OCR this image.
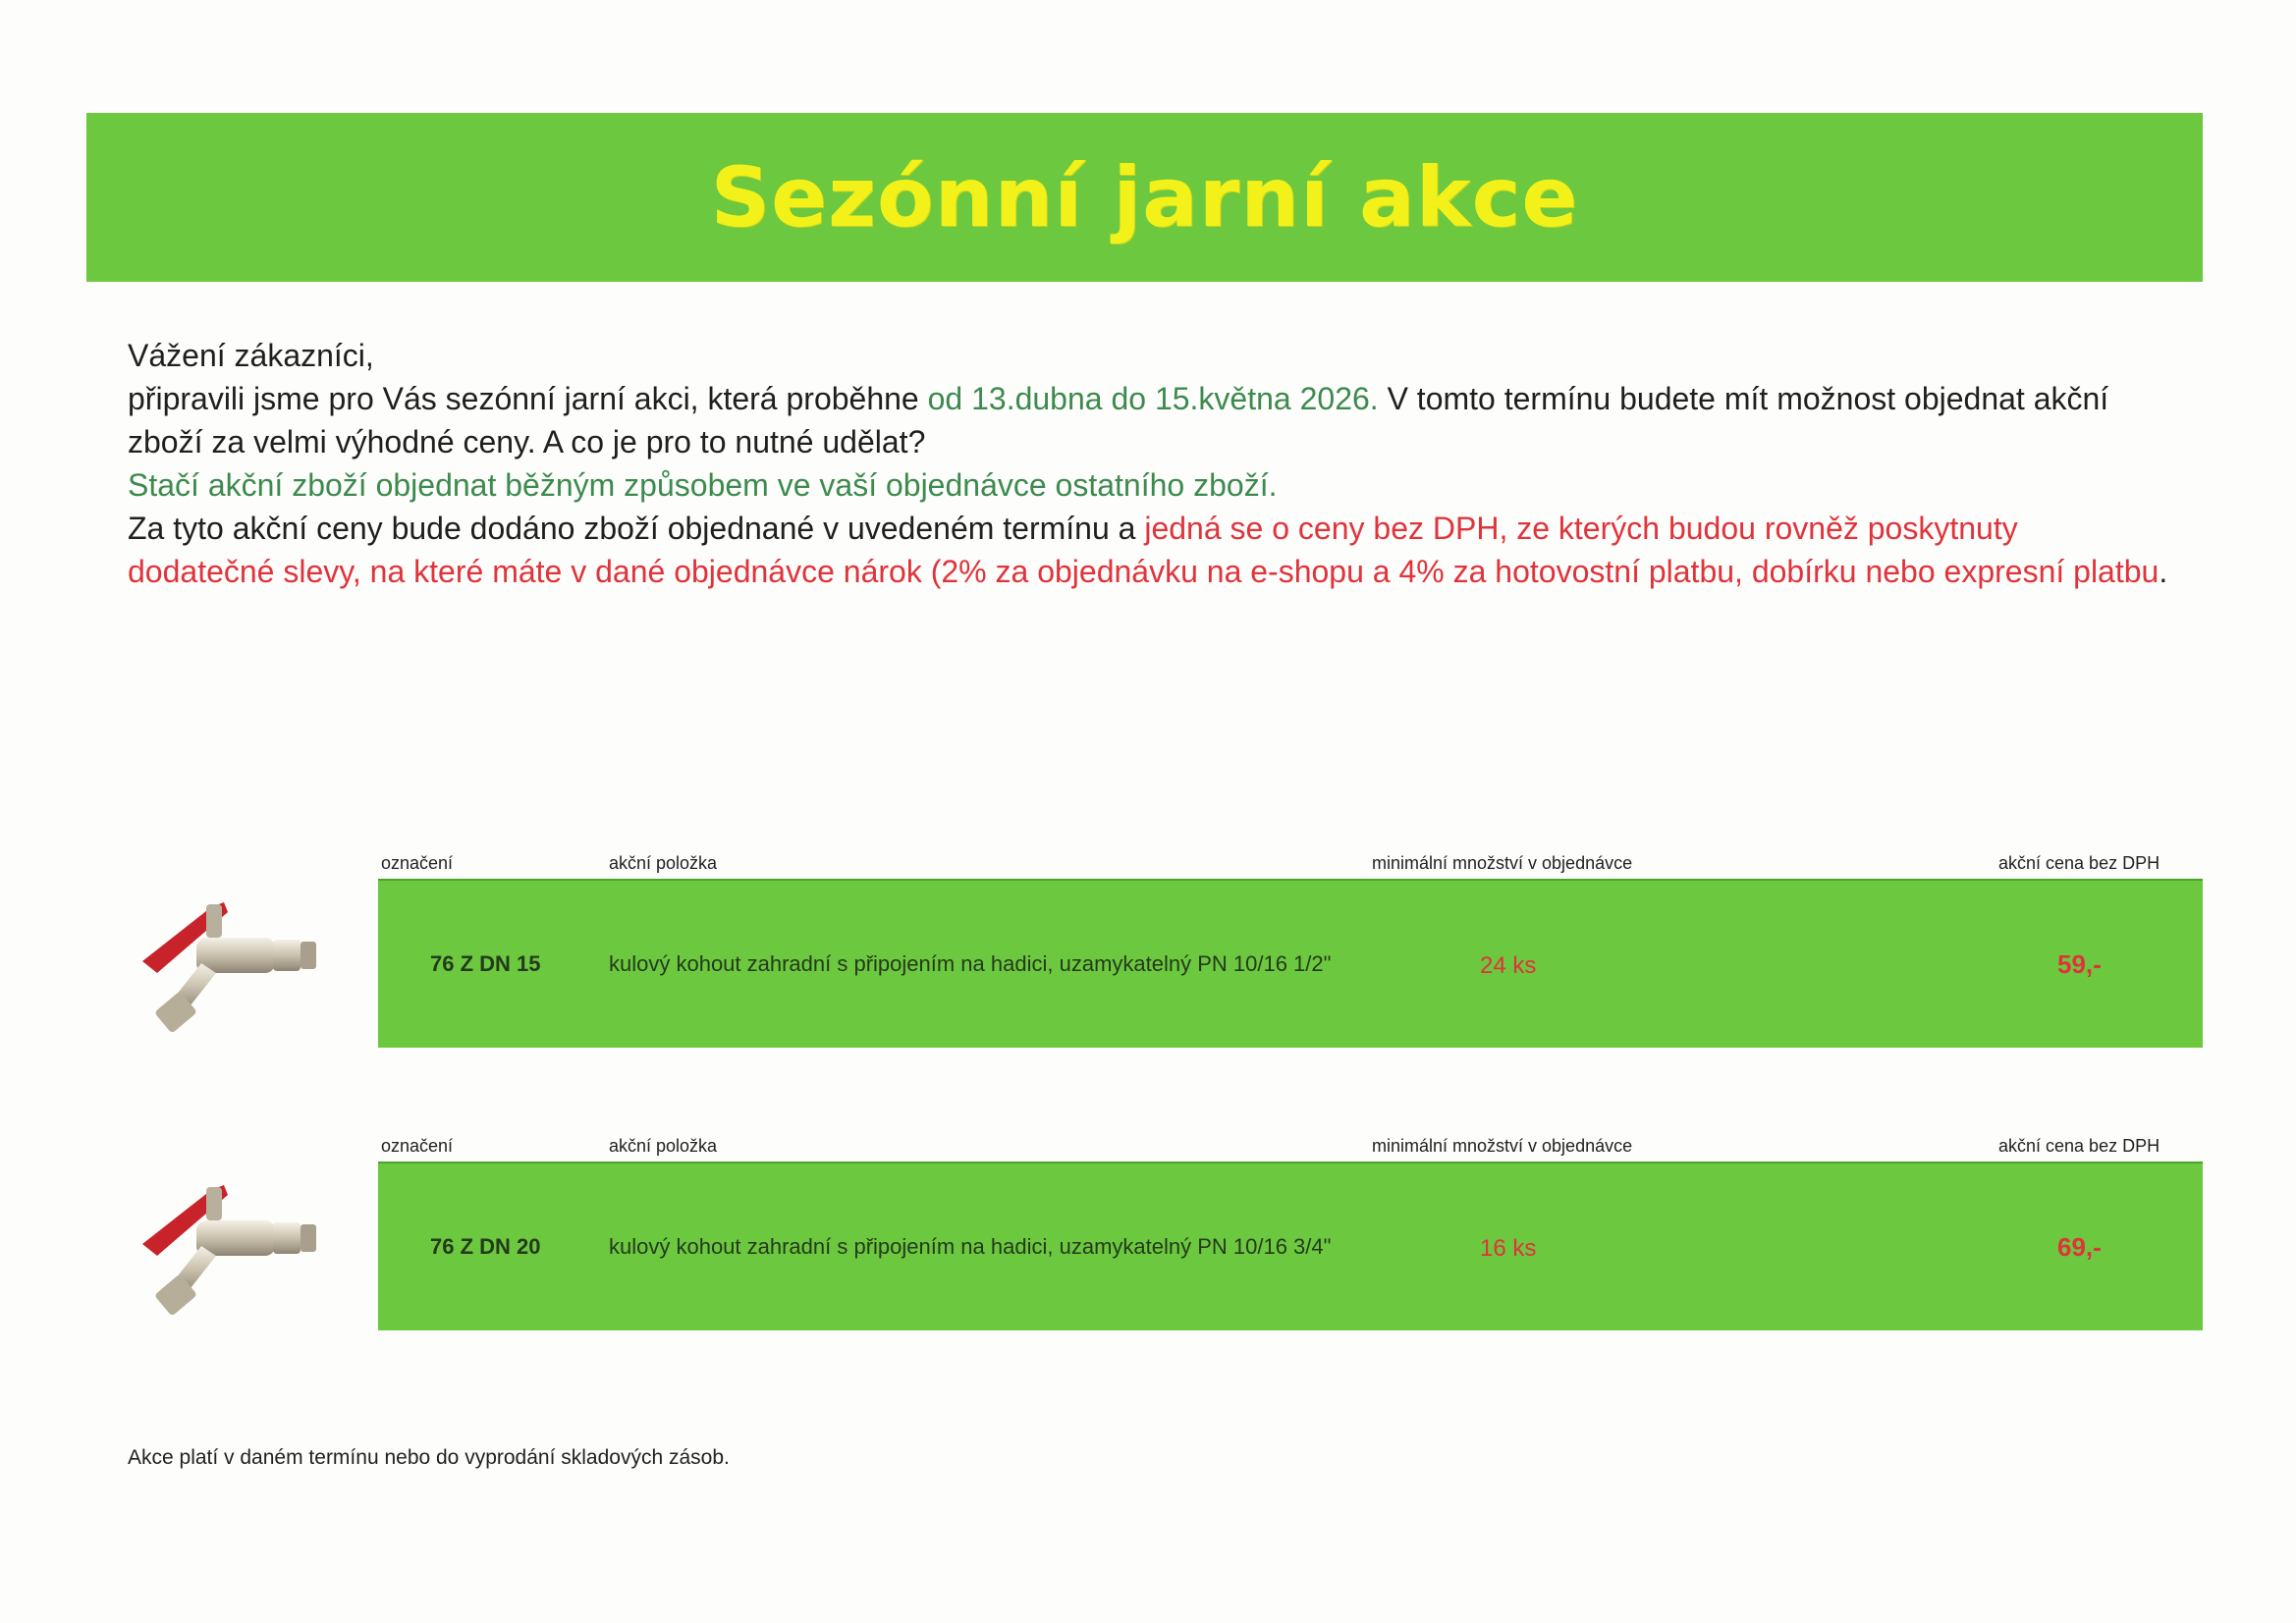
Sezónní jarní akce

Vážení zákazníci,

připravili jsme pro Vás sezónní jarní akci, která proběhne od 13.dubna do 15.května 2026. V tomto termínu budete mít možnost objednat akční zboží za velmi výhodné ceny. A co je pro to nutné udělat?

Stačí akční zboží objednat běžným způsobem ve vaší objednávce ostatního zboží.

Za tyto akční ceny bude dodáno zboží objednané v uvedeném termínu a jedná se o ceny bez DPH, ze kterých budou rovněž poskytnuty dodatečné slevy, na které máte v dané objednávce nárok (2% za objednávku na e-shopu a 4% za hotovostní platbu, dobírku nebo expresní platbu.

označení	akční položka	minimální množství v objednávce	akční cena bez DPH
76 Z DN 15	kulový kohout zahradní s připojením na hadici, uzamykatelný PN 10/16 1/2"	24 ks	59,-
označení	akční položka	minimální množství v objednávce	akční cena bez DPH
76 Z DN 20	kulový kohout zahradní s připojením na hadici, uzamykatelný PN 10/16 3/4"	16 ks	69,-
Akce platí v daném termínu nebo do vyprodání skladových zásob.
